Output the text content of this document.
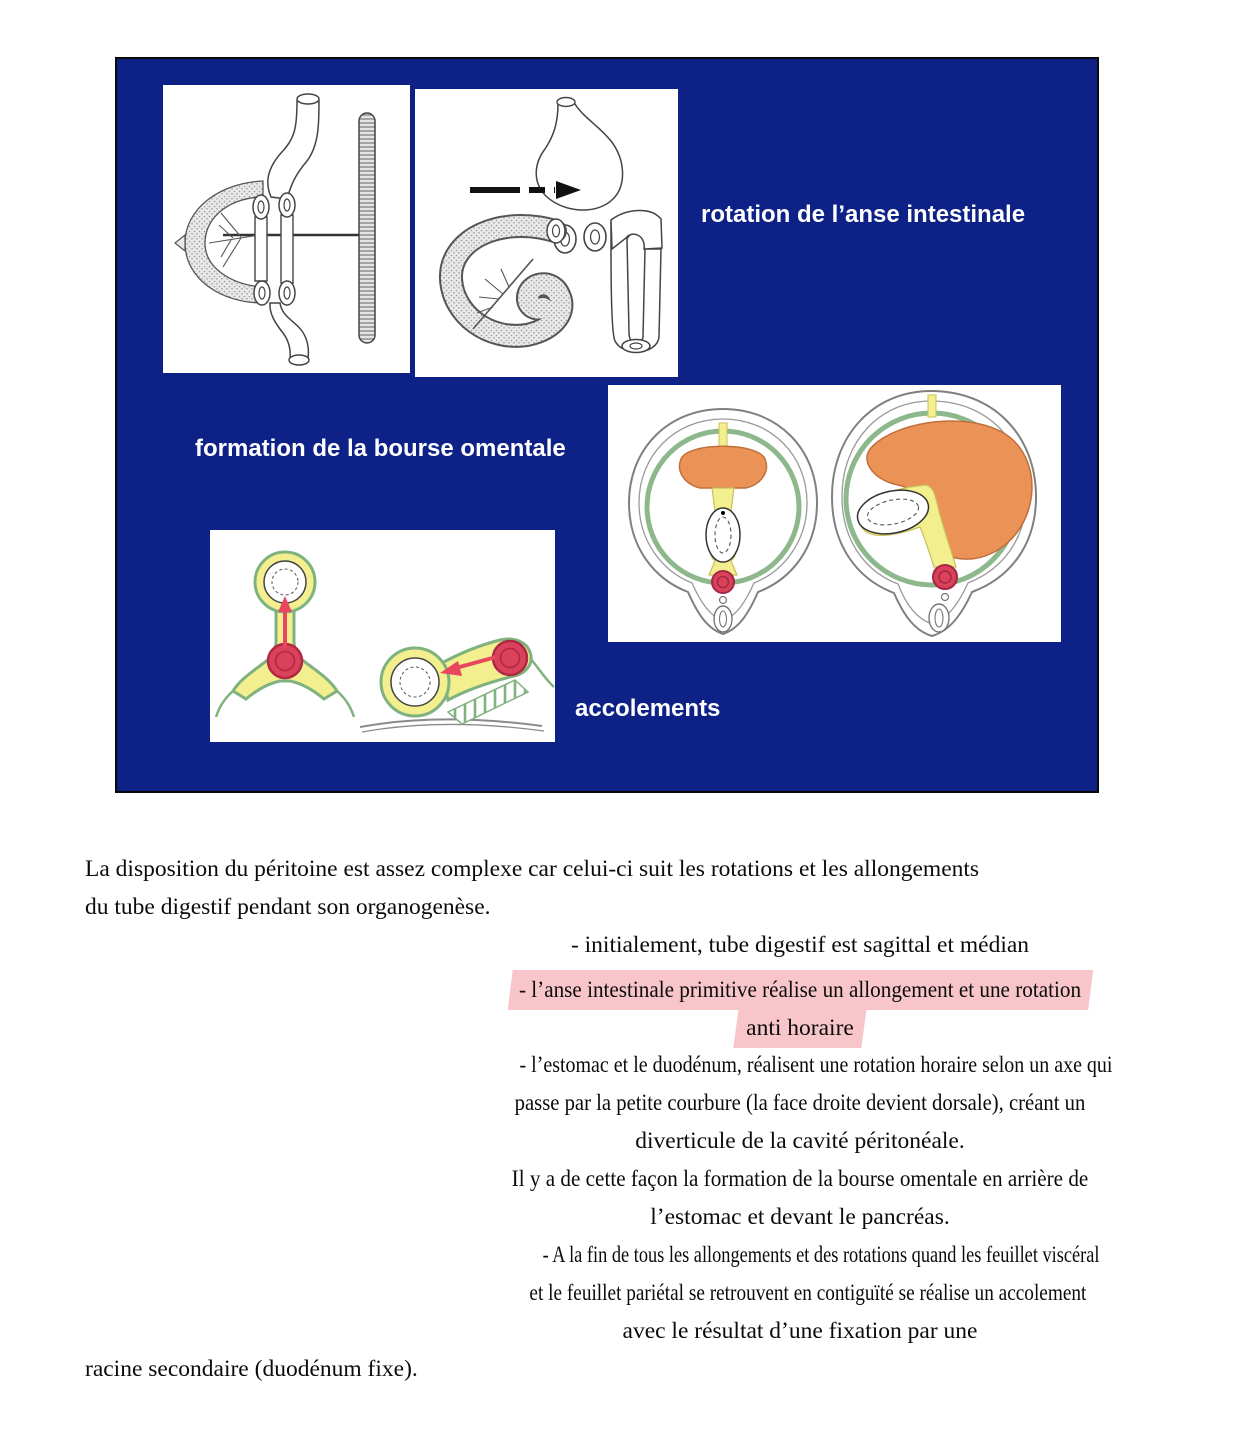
rotation de l’anse intestinale
formation de la bourse omentale
accolements
La disposition du péritoine est assez complexe car celui-ci suit les rotations et les allongements
du tube digestif pendant son organogenèse.
- initialement, tube digestif est sagittal et médian
- l’anse intestinale primitive réalise un allongement et une rotation
anti horaire
- l’estomac et le duodénum, réalisent une rotation horaire selon un axe qui
passe par la petite courbure (la face droite devient dorsale), créant un
diverticule de la cavité péritonéale.
Il y a de cette façon la formation de la bourse omentale en arrière de
l’estomac et devant le pancréas.
- A la fin de tous les allongements et des rotations quand les feuillet viscéral
et le feuillet pariétal se retrouvent en contiguïté se réalise un accolement
avec le résultat d’une fixation par une
racine secondaire (duodénum fixe).
